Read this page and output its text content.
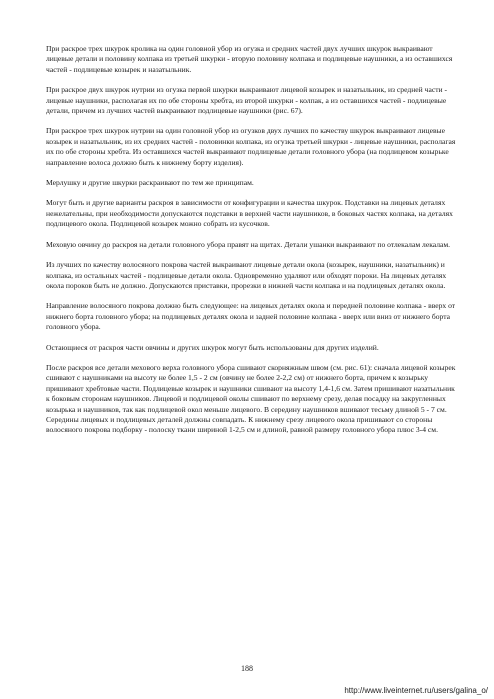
При раскрое трех шкурок кролика на один головной убор из огузка и средних частей двух лучших шкурок выкраивают лицевые детали и половину колпака из третьей шкурки - вторую половину колпака и подлицевые наушники, а из оставшихся частей - подлицевые козырек и назатыльник.

При раскрое двух шкурок нутрии из огузка первой шкурки выкраивают лицевой козырек и назатыльник, из средней части - лицевые наушники, располагая их по обе стороны хребта, из второй шкурки - колпак, а из оставшихся частей - подлицевые детали, причем из лучших частей выкраивают подлицевые наушники (рис. 67).

При раскрое трех шкурок нутрии на один головной убор из огузков двух лучших по качеству шкурок выкраивают лицевые козырек и назатыльник, из их средних частей - половинки колпака, из огузка третьей шкурки - лицевые наушники, располагая их по обе стороны хребта. Из оставшихся частей выкраивают подлицевые детали головного убора (на подлицевом козырьке направление волоса должно быть к нижнему борту изделия).

Мерлушку и другие шкурки раскраивают по тем же принципам.

Могут быть и другие варианты раскроя в зависимости от конфигурации и качества шкурок. Подставки на лицевых деталях нежелательны, при необходимости допускаются подставки в верхней части наушников, в боковых частях колпака, на деталях подлицевого окола. Подлицевой козырек можно собрать из кусочков.

Меховую овчину до раскроя на детали головного убора правят на щитах. Детали ушанки выкраивают по отлекалам лекалам.

Из лучших по качеству волосяного покрова частей выкраивают лицевые детали окола (козырек, наушники, назатыльник) и колпака, из остальных частей - подлицевые детали окола. Одновременно удаляют или обходят пороки. На лицевых деталях окола пороков быть не должно. Допускаются приставки, прорезки в нижней части колпака и на подлицевых деталях окола.

Направление волосяного покрова должно быть следующее: на лицевых деталях окола и передней половине колпака - вверх от нижнего борта головного убора; на подлицевых деталях окола и задней половине колпака - вверх или вниз от нижнего борта головного убора.

Остающиеся от раскроя части овчины и других шкурок могут быть использованы для других изделий.

После раскроя все детали мехового верха головного убора сшивают скорняжным швом (см. рис. 61): сначала лицевой козырек сшивают с наушниками на высоту не более 1,5 - 2 см (овчину не более 2-2,2 см) от нижнего борта, причем к козырьку пришивают хребтовые части. Подлицевые козырек и наушники сшивают на высоту 1,4-1,6 см. Затем пришивают назатыльник к боковым сторонам наушников. Лицевой и подлицевой околы сшивают по верхнему срезу, делая посадку на закругленных козырька и наушников, так как подлицевой окол меньше лицевого. В середину наушников вшивают тесьму длиной 5 - 7 см. Середины лицевых и подлицевых деталей должны совпадать. К нижнему срезу лицевого окола пришивают со стороны волосяного покрова подборку - полоску ткани шириной 1-2,5 см и длиной, равной размеру головного убора плюс 3-4 см.

188
http://www.liveinternet.ru/users/galina_o/
